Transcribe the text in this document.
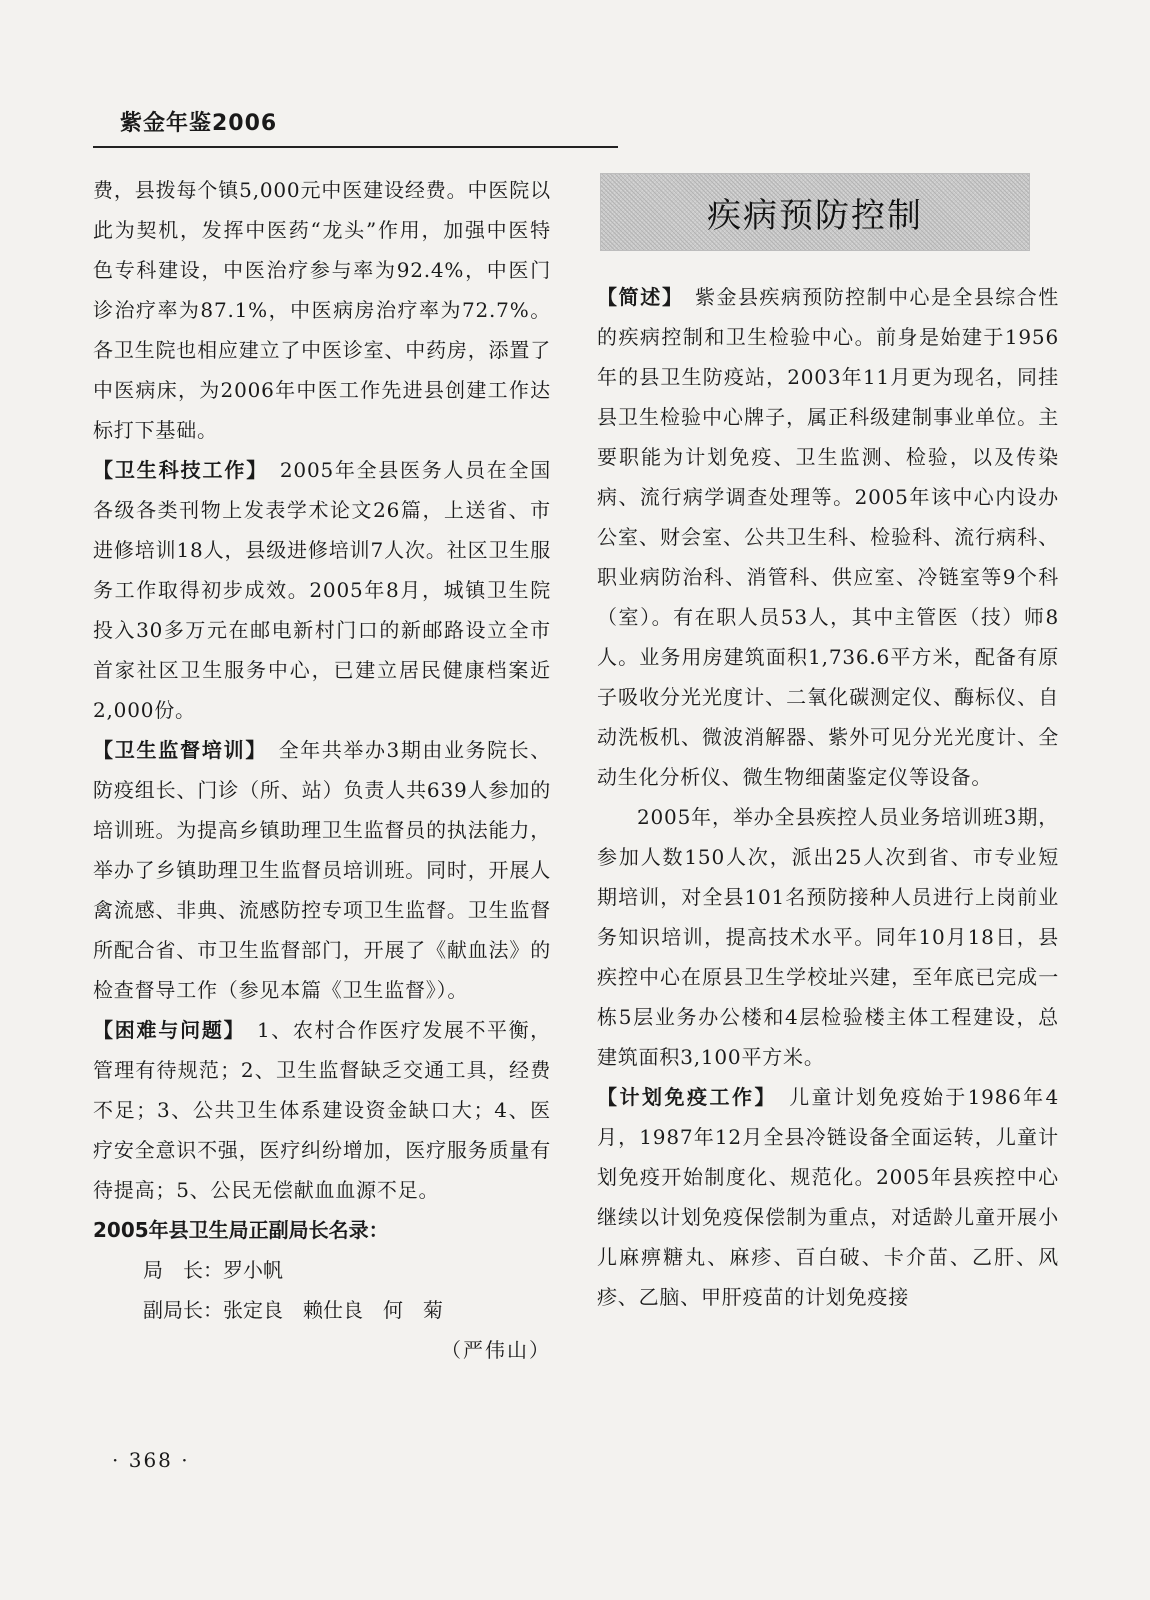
紫金年鉴2006

费，县拨每个镇5,000元中医建设经费。中医院以此为契机，发挥中医药“龙头”作用，加强中医特色专科建设，中医治疗参与率为92.4%，中医门诊治疗率为87.1%，中医病房治疗率为72.7%。各卫生院也相应建立了中医诊室、中药房，添置了中医病床，为2006年中医工作先进县创建工作达标打下基础。

【卫生科技工作】　 2005年全县医务人员在全国各级各类刊物上发表学术论文26篇，上送省、市进修培训18人，县级进修培训7人次。社区卫生服务工作取得初步成效。2005年8月，城镇卫生院投入30多万元在邮电新村门口的新邮路设立全市首家社区卫生服务中心，已建立居民健康档案近2,000份。

【卫生监督培训】　 全年共举办3期由业务院长、防疫组长、门诊（所、站）负责人共639人参加的培训班。为提高乡镇助理卫生监督员的执法能力，举办了乡镇助理卫生监督员培训班。同时，开展人禽流感、非典、流感防控专项卫生监督。卫生监督所配合省、市卫生监督部门，开展了《献血法》的检查督导工作（参见本篇《卫生监督》）。

【困难与问题】　 1、农村合作医疗发展不平衡，管理有待规范；2、卫生监督缺乏交通工具，经费不足；3、公共卫生体系建设资金缺口大；4、医疗安全意识不强，医疗纠纷增加，医疗服务质量有待提高；5、公民无偿献血血源不足。

2005年县卫生局正副局长名录：

局　长：罗小帆

副局长：张定良　赖仕良　何　菊

（严伟山）

疾病预防控制

【简述】　 紫金县疾病预防控制中心是全县综合性的疾病控制和卫生检验中心。前身是始建于1956年的县卫生防疫站，2003年11月更为现名，同挂县卫生检验中心牌子，属正科级建制事业单位。主要职能为计划免疫、卫生监测、检验，以及传染病、流行病学调查处理等。2005年该中心内设办公室、财会室、公共卫生科、检验科、流行病科、职业病防治科、消管科、供应室、冷链室等9个科（室）。有在职人员53人，其中主管医（技）师8人。业务用房建筑面积1,736.6平方米，配备有原子吸收分光光度计、二氧化碳测定仪、酶标仪、自动洗板机、微波消解器、紫外可见分光光度计、全动生化分析仪、微生物细菌鉴定仪等设备。

2005年，举办全县疾控人员业务培训班3期，参加人数150人次，派出25人次到省、市专业短期培训，对全县101名预防接种人员进行上岗前业务知识培训，提高技术水平。同年10月18日，县疾控中心在原县卫生学校址兴建，至年底已完成一栋5层业务办公楼和4层检验楼主体工程建设，总建筑面积3,100平方米。

【计划免疫工作】　 儿童计划免疫始于1986年4月，1987年12月全县冷链设备全面运转，儿童计划免疫开始制度化、规范化。2005年县疾控中心继续以计划免疫保偿制为重点，对适龄儿童开展小儿麻痹糖丸、麻疹、百白破、卡介苗、乙肝、风疹、乙脑、甲肝疫苗的计划免疫接

· 368 ·
